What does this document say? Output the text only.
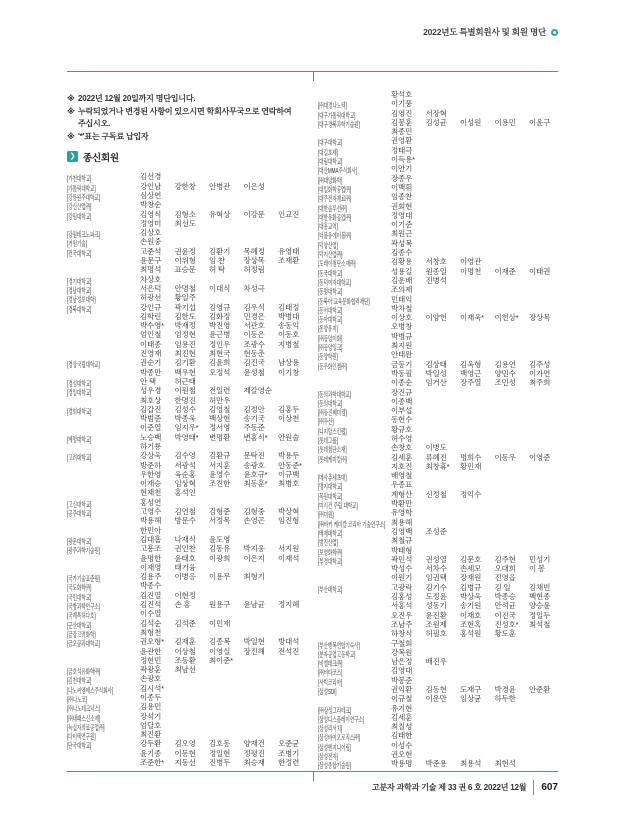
2022년도 특별회원사 및 회원 명단
※ 2022년 12월 20일까지 명단입니다.
※ 누락되었거나 변경된 사항이 있으시면 학회사무국으로 연락하여
주십시오.
※ '*'표는 구독료 납입자
❯ 종신회원
[가천대학교]	김선경
[가톨릭대학교]	강인남 강한창 안병관 이은성
[강릉원주대학교]	심상연
[강신산업㈜]	박창순
[강원대학교]	김영식 김형소 유혁상 이강문 인교진
정영미 최선도
[강원테크노파크]	김상호
[거원기술]	손원중
[건국대학교]	고준석 권윤정 김환기 목혜정 유영태
윤문구 이위형 임 찬	장상목 조재환
최명석 표승문 허 탁	허정림
[경기대학교]	차상호
[경남대학교]	서은덕 안명철 이대식 차성극
[경남정보대학]	허광선 황일주
[경북대학교]	강인규 곽기섭 김영규 김우식 김태정
김학린 김한도 김화정 민경은 박병대
박수영* 박재정 박진영 서관호 송동익
엄인철 엄정현 윤근병 이동은 이동호
이태종 임용진 정인우 조광수 지병철
진영재 최진현 최현국 현동춘
[경상국립대학교]	권순기 김기환 김윤희 김진국 남상용
박종만 백우현 오정석 윤성철 이기창
[경성대학교]	안 택	허근태
[경일대학교]	성우경 이원철 전일련 제갈영순
최호상 한명진 허만우
[경희대학교]	김갑진 김성수 김영철 김정안 김홍두
박범준 박종욱 백상현 송기국 이상천
이준열 임지우* 정서영 주동준
[계명대학교]	노승백 박영태* 변명환 변홍식* 안원술
하기룡
[고려대학교]	강상욱 김수영 김환규 문탁진 박용두
방준하 서광석 서지훈 송광호 안동준*
우한영 육순홍 윤영수 윤호규* 이규백
이재승 임상혁 조진한 최동훈* 최병호
현재천 홍석인
[고신대학교]	홍성연
[공주대학교]	고영수 김연철 김형준 김형중 박상혁
박용해 방문수 서정목 손영곤 임진형
한민아
[광운대학교]	김대흠 나재식 윤도영
[광주과학기술원]	고흥조 권인찬 김동유 박지웅 서지원
윤명한 윤태호 이광희 이은지 이재석
이재영 태기융
[국가기술표준원]	김용주 이병응 이용무 최형기
[국도화학㈜]	박종수
[국민대학교]	김진열 이현정
[국방과학연구소]	김진석 손 홍	원용구 윤남균 정지혜
[국제특허다호]	이수열
[군산대학교]	김석순 김석준 이민재
[금강고려화학]	최형천
[금오공과대학교]	권오형* 김재훈 김종복 박일현 방대석
윤관한 이상철 이영실 장진해 전석진
정현민 조동환 최이준*
[금호석유화학㈜]	곽광훈 최남선
[김천대학교]	손광호
[나노씨엠에스주식회사]	김시석*
[㈜나노코]	이종두
[㈜나노테크닉스]	김용민
[㈜네패스신소재]	장석기
[녹십자의료공업㈜]	엄달호
[다이텍연구원]	최진환
[단국대학교]	강두환 김오영 김호동 양재건 오준균
윤기종 이동현 정일현 정평진 조병기
조준한* 지동선 진병두 최승재 한정련
황석호
[㈜대경나노텍]	이기풍
[대구가톨릭대학교]	김영진 서장혁
[대구경북과학기술원]	김봉훈 김성균 이성원 이용민 이윤구
최종민
[대구대학교]	권영환
[대길호제]	정태극
[대림대학교]	이득용*
[대산MMA주식회사]	이안기
[㈜대양화학]	장종우
[대일화학공업㈜]	이백휘
[대주전자재료㈜]	임종찬
[대한솔루션㈜]	권회현
[대한유화공업㈜]	정영대
[대흥교역]	이기준
[더블유에이블㈜]	최원근
[덕양산업]	곽성복
[덕지산업㈜]	김종수
[도레이첨단소재㈜]	김황용 서창호 이영관
[동국대학교]	성용길 원종일 이명천 이재준 이태권
[동덕여자대학교]	김운배 진병석
[동명대학교]	조의제
[동북아 교육문화협력재단]	민태익
[동서대학교]	박차철
[동아대학교]	이상호 이양헌 이재욱* 이헌상* 장상목
[동양유지]	오병창
[㈜동양이화]	박병규
[㈜동양잉크]	최지원
[동양학원]	안태완
[동우화인켐㈜]	금동기 김상태 김옥형 김용연 김주성
박동필 박일성 백영근 양민수 이가연
이종순 임거산 장주열 조민성 최주희
[동의과학대학교]	장진규
[동의대학교]	이종백
[㈜동진쎄미켐]	이부섭
[㈜두산]	동현수
[디지탈스킨랩]	황규호
[롯데그룹]	허수영
[롯데첨단소재]	손창호 이병도
[롯데케미칼㈜]	김세훈 류혜진 명희수 이동우 이영준
지호진 최창휴* 황민재
[메사츄세츠대]	배영철
[명지대학교]	우종표
[목원대학교]	계형산 신정철 정익수
[미시건 주립 대학교]	박환만
[㈜미원]	유영학
[㈜바커 케미칼 코리아 기술연구소] 최용해
[배재대학교]	김영백 조성준
[범진산업]	최철규
[보영화학㈜]	박태형
[부경대학교]	곽민석 권성열 김문호 김주현 민성기
박성수 서차수 손세모 오대희 이 봉
이원기 임권택 장재원 진영읍
[부산대학교]	고광락 김기수 김병규 김 일	김채빈
김홍성 도정윤 박상욱 박종승 백현종
서홍석 성동기 송기원 안석균 양승윤
오진우 윤진환 이재호 이진국 정일두
조남주 조원제 조현혹 진성호* 최석철
하창식 허필호 홍석원 황도훈
[부산행복연합기숙사]	구철회
[분자공업고등학교]	강복원
[비엘테크㈜]	남은정 배진우
[㈜비타코스]	김영대
[사빅코리아]	박봉준
[삼성SDI]	권익환 김동현 도재구 박경윤 안준환
이규철 이운만 임상균 하두한
[㈜삼성그라테크]	유기현
[삼성디스플레이연구소]	김세훈
[삼성리서치]	최칠성
[삼성바이오로직스㈜]	김태한
[삼성엔지니어링]	이성수
[삼성전자]	권오현
[삼성종합기술원]	박용명 박준용 최용석 최현석
고분자 과학과 기술 제 33 권 6 호 2022년 12월 607
